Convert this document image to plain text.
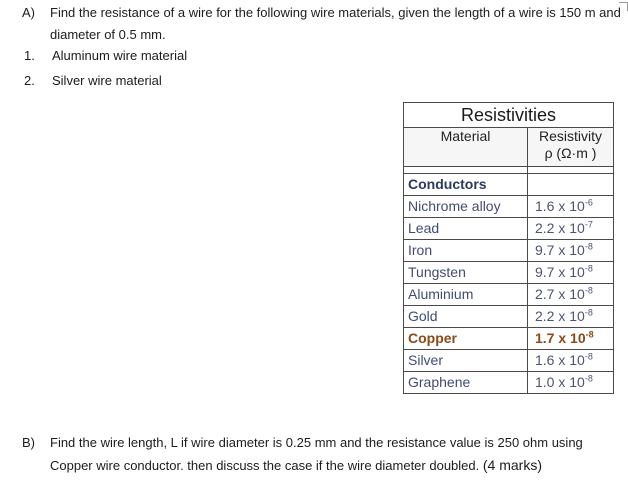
A) Find the resistance of a wire for the following wire materials, given the length of a wire is 150 m and diameter of 0.5 mm.
1. Aluminum wire material
2. Silver wire material
Resistivities	
Material	Resistivity
ρ (Ω·m )

Conductors	
Nichrome alloy	1.6 x $10^{-6}$
Lead	2.2 x $10^{-7}$
Iron	9.7 x $10^{-8}$
Tungsten	9.7 x $10^{-8}$
Aluminium	2.7 x $10^{-8}$
Gold	2.2 x $10^{-8}$
Copper	1.7 x $10^{-8}$
Silver	1.6 x $10^{-8}$
Graphene	1.0 x $10^{-8}$
B) Find the wire length, L if wire diameter is 0.25 mm and the resistance value is 250 ohm using Copper wire conductor. then discuss the case if the wire diameter doubled. (4 marks)
